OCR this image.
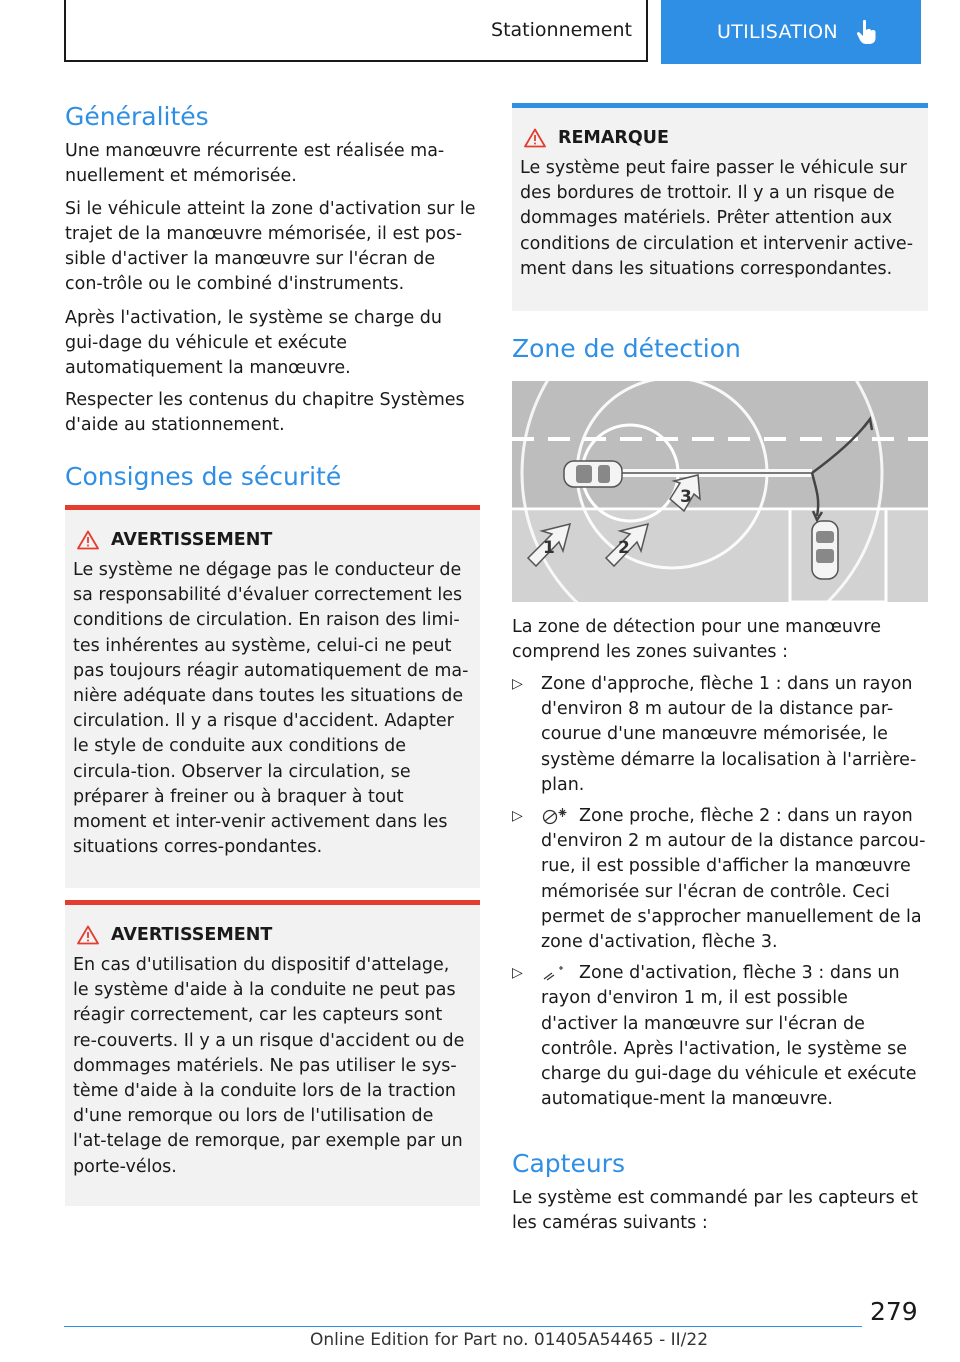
Stationnement	UTILISATION
Généralités

Une manœuvre récurrente est réalisée ma-nuellement et mémorisée.

Si le véhicule atteint la zone d'activation sur le trajet de la manœuvre mémorisée, il est pos-sible d'activer la manœuvre sur l'écran de con-trôle ou le combiné d'instruments.

Après l'activation, le système se charge du gui-dage du véhicule et exécute automatiquement la manœuvre.

Respecter les contenus du chapitre Systèmes d'aide au stationnement.

Consignes de sécurité
AVERTISSEMENT
Le système ne dégage pas le conducteur de sa responsabilité d'évaluer correctement les conditions de circulation. En raison des limi-tes inhérentes au système, celui-ci ne peut pas toujours réagir automatiquement de ma-nière adéquate dans toutes les situations de circulation. Il y a risque d'accident. Adapter le style de conduite aux conditions de circula-tion. Observer la circulation, se préparer à freiner ou à braquer à tout moment et inter-venir activement dans les situations corres-pondantes.
AVERTISSEMENT
En cas d'utilisation du dispositif d'attelage, le système d'aide à la conduite ne peut pas réagir correctement, car les capteurs sont re-couverts. Il y a un risque d'accident ou de dommages matériels. Ne pas utiliser le sys-tème d'aide à la conduite lors de la traction d'une remorque ou lors de l'utilisation de l'at-telage de remorque, par exemple par un porte-vélos.
REMARQUE
Le système peut faire passer le véhicule sur des bordures de trottoir. Il y a un risque de dommages matériels. Prêter attention aux conditions de circulation et intervenir active-ment dans les situations correspondantes.
Zone de détection
1	2
3

La zone de détection pour une manœuvre comprend les zones suivantes :

▷ Zone d'approche, flèche 1 : dans un rayon d'environ 8 m autour de la distance par-courue d'une manœuvre mémorisée, le système démarre la localisation à l'arrière-plan.
▷	Zone proche, flèche 2 : dans un rayon d'environ 2 m autour de la distance parcou-rue, il est possible d'afficher la manœuvre mémorisée sur l'écran de contrôle. Ceci permet de s'approcher manuellement de la zone d'activation, flèche 3.
▷	Zone d'activation, flèche 3 : dans un rayon d'environ 1 m, il est possible d'activer la manœuvre sur l'écran de contrôle. Après l'activation, le système se charge du gui-dage du véhicule et exécute automatique-ment la manœuvre.
Capteurs

Le système est commandé par les capteurs et les caméras suivants :

279
Online Edition for Part no. 01405A54465 - II/22
